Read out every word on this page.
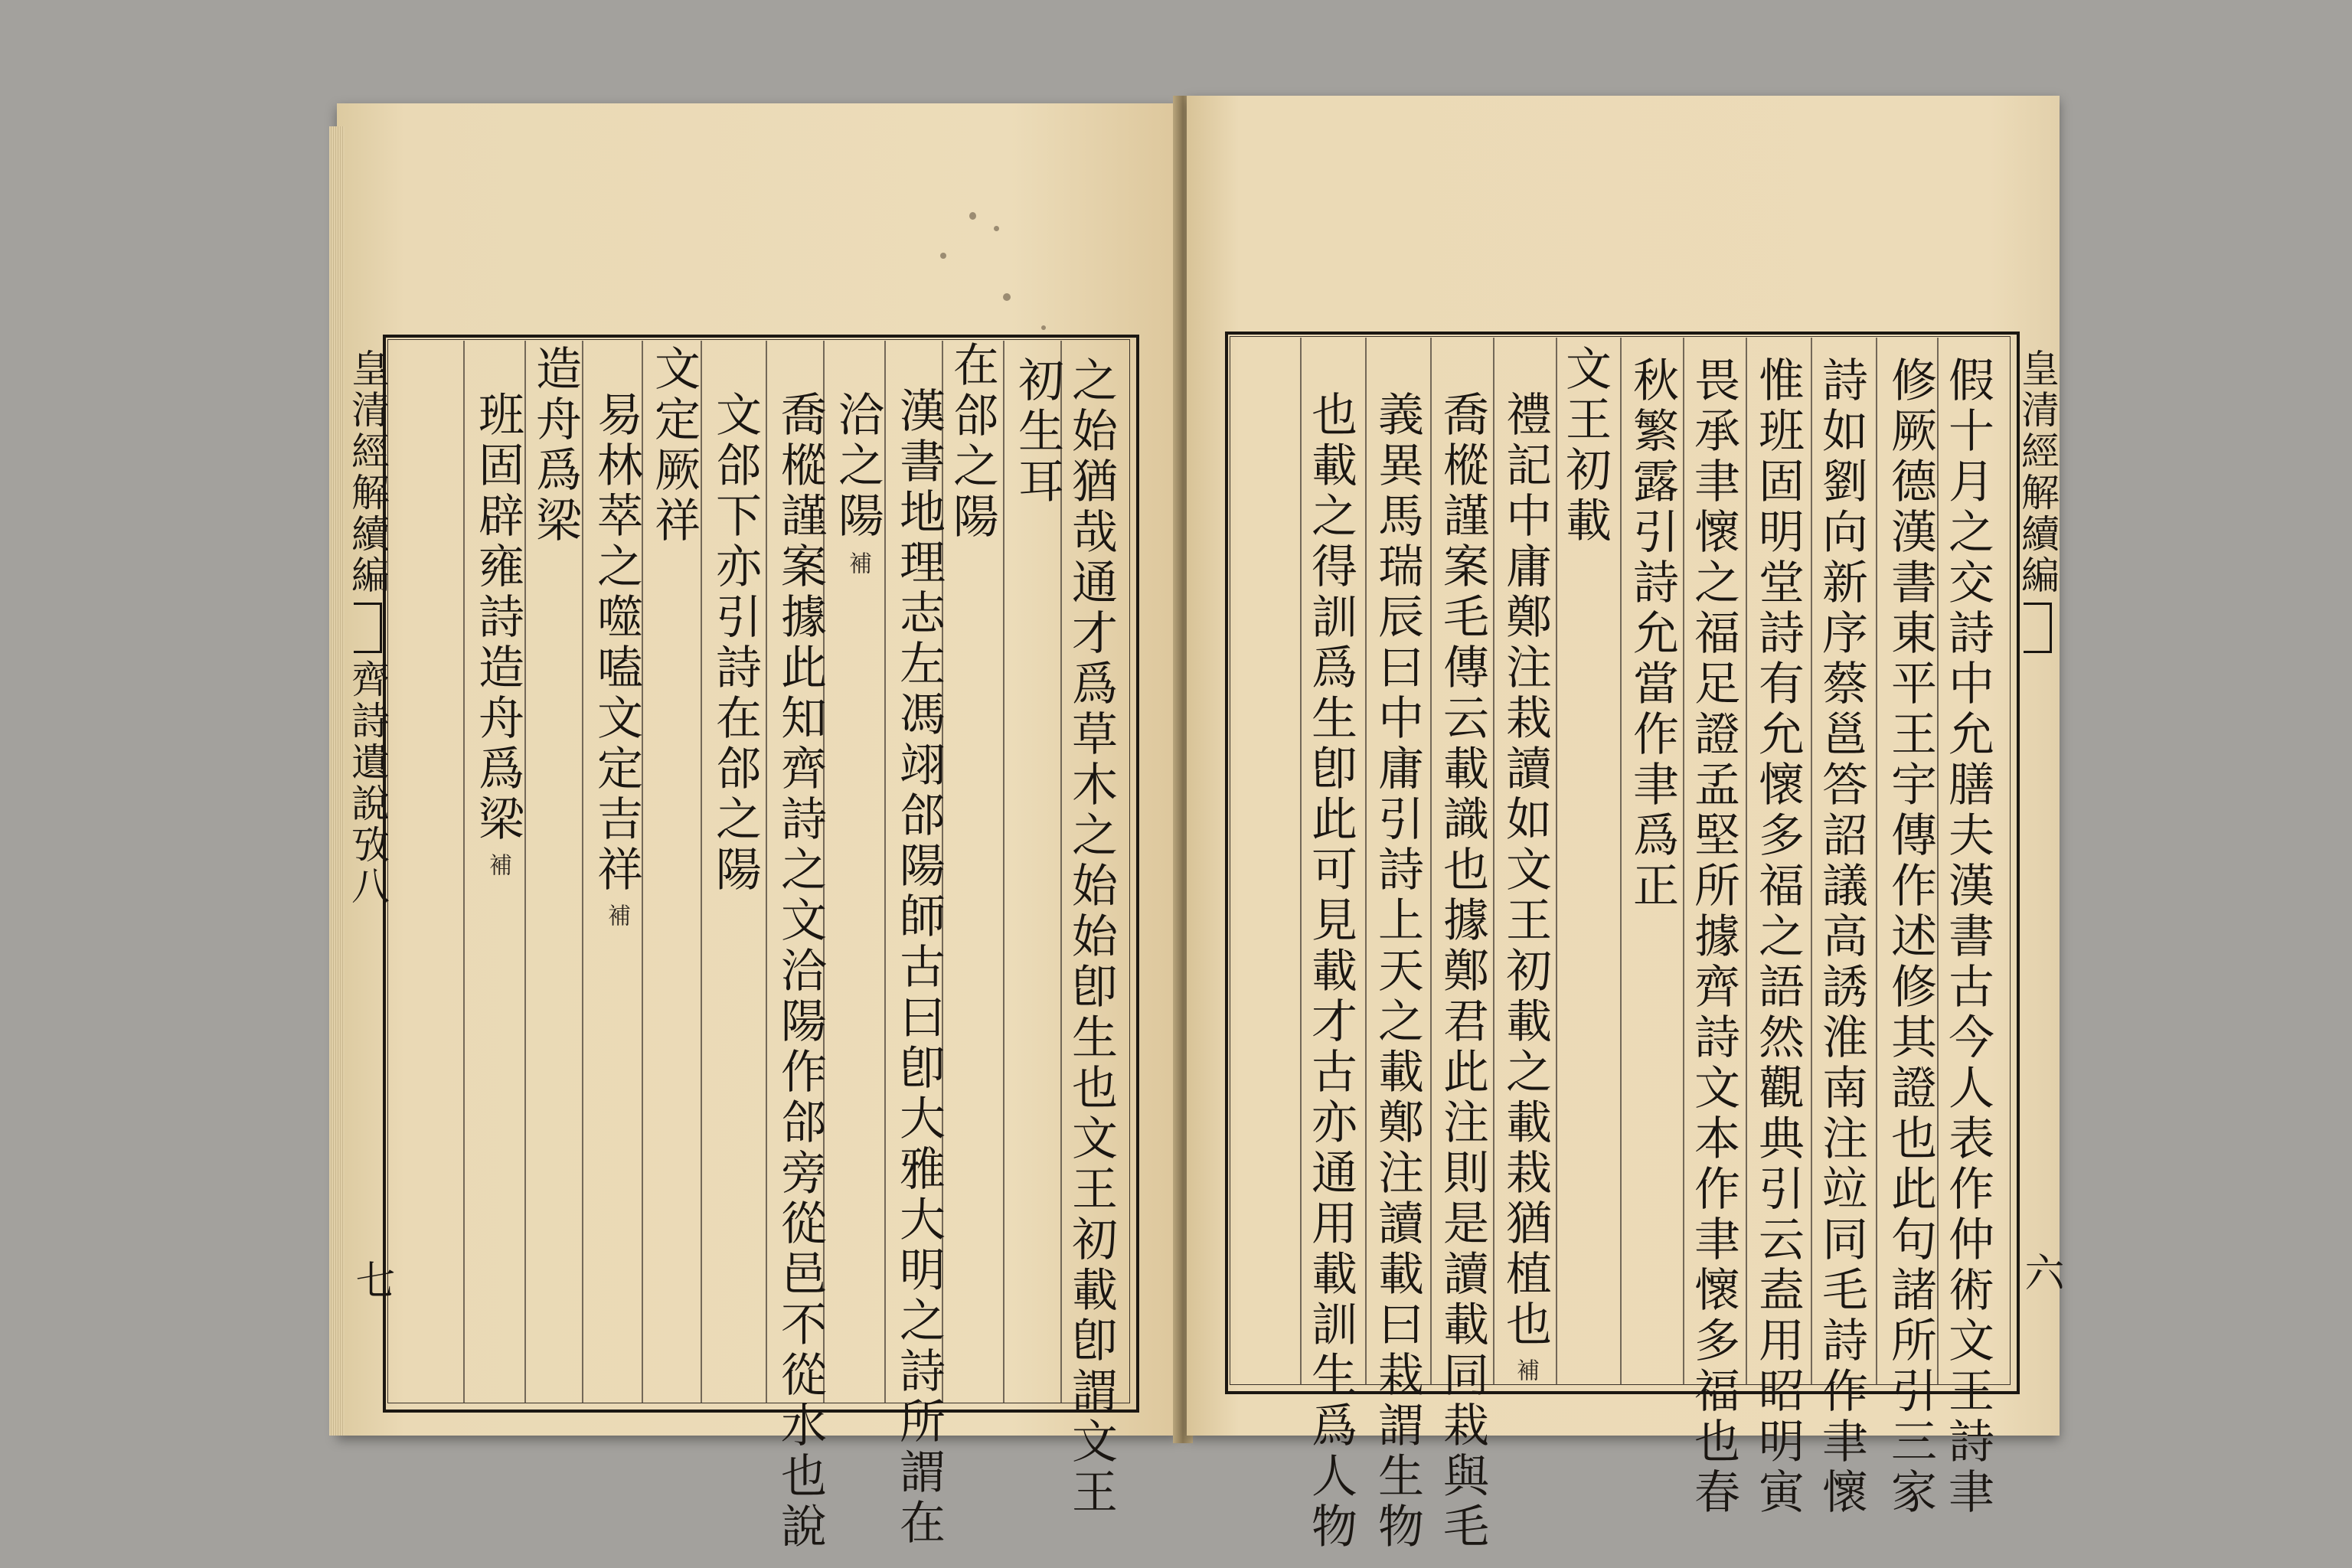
皇清經解續編齊詩遺說攷八
七	之始猶哉通才爲草木之始始卽生也文王初載卽謂文王
初生耳
在郃之陽
漢書地理志左馮翊郃陽師古曰卽大雅大明之詩所謂在
洽之陽補
喬樅謹案據此知齊詩之文洽陽作郃旁從邑不從水也說
文郃下亦引詩在郃之陽
文定厥祥
易林萃之噬嗑文定吉祥補
造舟爲梁
班固辟雍詩造舟爲梁補
皇清經解續編
六
假十月之交詩中允膳夫漢書古今人表作仲術文王詩聿
修厥德漢書東平王宇傳作述修其證也此句諸所引三家
詩如劉向新序蔡邕答詔議高誘淮南注竝同毛詩作聿懷
惟班固明堂詩有允懷多福之語然觀典引云盍用昭明寅
畏承聿懷之福足證孟堅所據齊詩文本作聿懷多福也春
秋繁露引詩允當作聿爲正
文王初載
禮記中庸鄭注栽讀如文王初載之載栽猶植也補
喬樅謹案毛傳云載識也據鄭君此注則是讀載同栽與毛
義異馬瑞辰曰中庸引詩上天之載鄭注讀載曰栽謂生物
也載之得訓爲生卽此可見載才古亦通用載訓生爲人物
